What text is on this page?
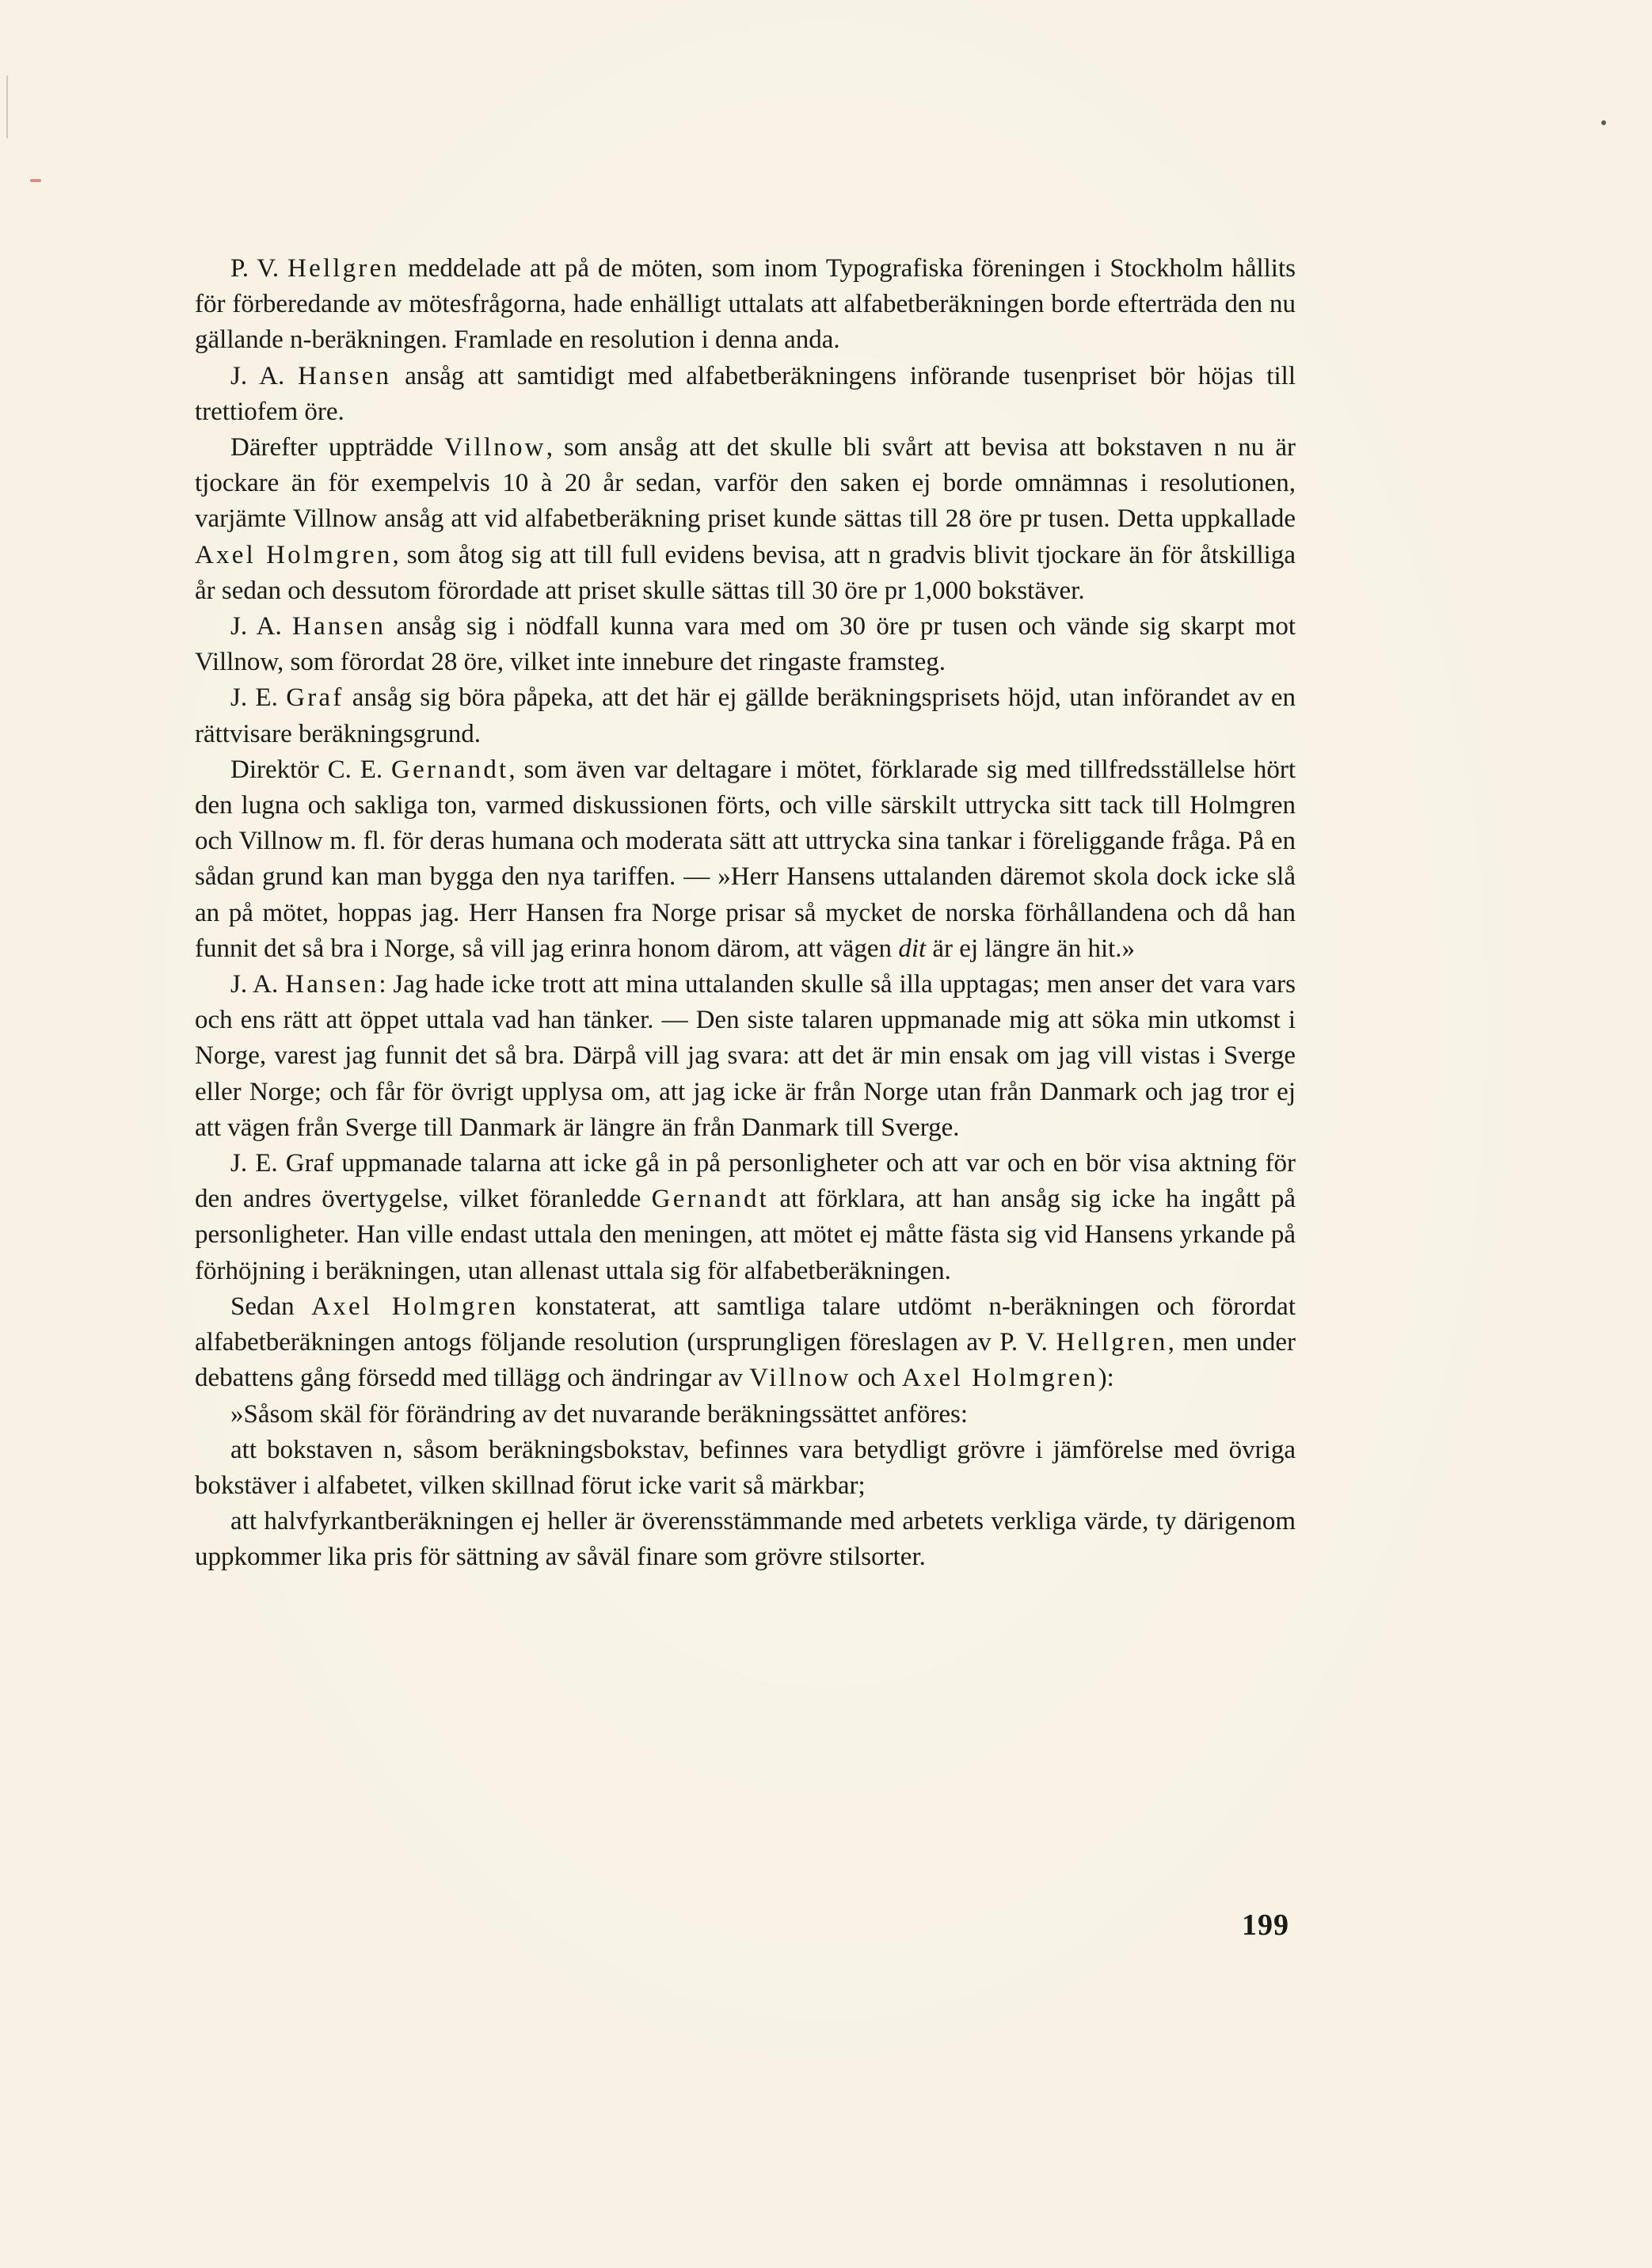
P. V. Hellgren meddelade att på de möten, som inom Typografiska föreningen i Stockholm hållits för förberedande av mötesfrågorna, hade enhälligt uttalats att alfabetberäkningen borde efterträda den nu gällande n-beräkningen. Framlade en resolution i denna anda.

J. A. Hansen ansåg att samtidigt med alfabetberäkningens införande tusenpriset bör höjas till trettiofem öre.

Därefter uppträdde Villnow, som ansåg att det skulle bli svårt att bevisa att bokstaven n nu är tjockare än för exempelvis 10 à 20 år sedan, varför den saken ej borde omnämnas i resolutionen, varjämte Villnow ansåg att vid alfabetberäkning priset kunde sättas till 28 öre pr tusen. Detta uppkallade Axel Holmgren, som åtog sig att till full evidens bevisa, att n gradvis blivit tjockare än för åtskilliga år sedan och dessutom förordade att priset skulle sättas till 30 öre pr 1,000 bokstäver.

J. A. Hansen ansåg sig i nödfall kunna vara med om 30 öre pr tusen och vände sig skarpt mot Villnow, som förordat 28 öre, vilket inte innebure det ringaste framsteg.

J. E. Graf ansåg sig böra påpeka, att det här ej gällde beräkningsprisets höjd, utan införandet av en rättvisare beräkningsgrund.

Direktör C. E. Gernandt, som även var deltagare i mötet, förklarade sig med tillfredsställelse hört den lugna och sakliga ton, varmed diskussionen förts, och ville särskilt uttrycka sitt tack till Holmgren och Villnow m. fl. för deras humana och moderata sätt att uttrycka sina tankar i föreliggande fråga. På en sådan grund kan man bygga den nya tariffen. — »Herr Hansens uttalanden däremot skola dock icke slå an på mötet, hoppas jag. Herr Hansen fra Norge prisar så mycket de norska förhållandena och då han funnit det så bra i Norge, så vill jag erinra honom därom, att vägen dit är ej längre än hit.»

J. A. Hansen: Jag hade icke trott att mina uttalanden skulle så illa upptagas; men anser det vara vars och ens rätt att öppet uttala vad han tänker. — Den siste talaren uppmanade mig att söka min utkomst i Norge, varest jag funnit det så bra. Därpå vill jag svara: att det är min ensak om jag vill vistas i Sverge eller Norge; och får för övrigt upplysa om, att jag icke är från Norge utan från Danmark och jag tror ej att vägen från Sverge till Danmark är längre än från Danmark till Sverge.

J. E. Graf uppmanade talarna att icke gå in på personligheter och att var och en bör visa aktning för den andres övertygelse, vilket föranledde Gernandt att förklara, att han ansåg sig icke ha ingått på personligheter. Han ville endast uttala den meningen, att mötet ej måtte fästa sig vid Hansens yrkande på förhöjning i beräkningen, utan allenast uttala sig för alfabetberäkningen.

Sedan Axel Holmgren konstaterat, att samtliga talare utdömt n-beräkningen och förordat alfabetberäkningen antogs följande resolution (ursprungligen föreslagen av P. V. Hellgren, men under debattens gång försedd med tillägg och ändringar av Villnow och Axel Holmgren):

»Såsom skäl för förändring av det nuvarande beräkningssättet anföres:

att bokstaven n, såsom beräkningsbokstav, befinnes vara betydligt grövre i jämförelse med övriga bokstäver i alfabetet, vilken skillnad förut icke varit så märkbar;

att halvfyrkantberäkningen ej heller är överensstämmande med arbetets verkliga värde, ty därigenom uppkommer lika pris för sättning av såväl finare som grövre stilsorter.

199
